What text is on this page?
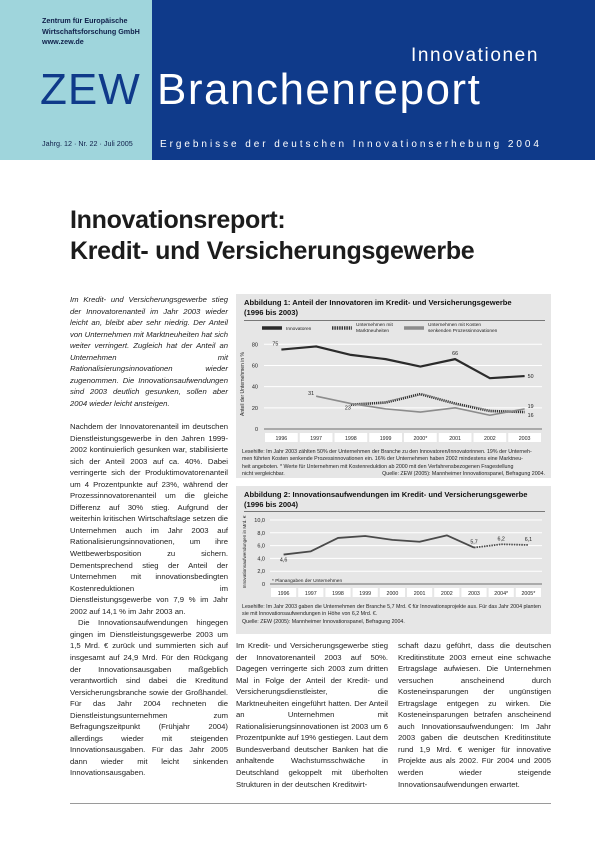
Zentrum für Europäische
Wirtschaftsforschung GmbH
www.zew.de
ZEW
Innovationen
Branchenreport
Jahrg. 12 · Nr. 22 · Juli 2005	Ergebnisse der deutschen Innovationserhebung 2004
Innovationsreport:
Kredit- und Versicherungsgewerbe

Im Kredit- und Versicherungsgewerbe stieg der Innovatorenanteil im Jahr 2003 wieder leicht an, bleibt aber sehr niedrig. Der Anteil von Unternehmen mit Marktneuheiten hat sich weiter verringert. Zugleich hat der Anteil an Unternehmen mit Rationalisierungsinnovationen wieder zugenommen. Die Innovationsaufwendungen sind 2003 deutlich gesunken, sollen aber 2004 wieder leicht ansteigen.

Nachdem der Innovatorenanteil im deutschen Dienstleistungsgewerbe in den Jahren 1999-2002 kontinuierlich gesunken war, stabilisierte sich der Anteil 2003 auf ca. 40%. Dabei verringerte sich der Produktimovatorenanteil um 4 Prozentpunkte auf 23%, während der Prozessinnovatorenanteil um die gleiche Differenz auf 30% stieg. Aufgrund der weiterhin kritischen Wirtschaftslage setzen die Unternehmen auch im Jahr 2003 auf Rationalisierungsinnovationen, um ihre Wettbewerbsposition zu sichern. Dementsprechend stieg der Anteil der Unternehmen mit innovationsbedingten Kostenreduktionen im Dienstleistungsgewerbe von 7,9 % im Jahr 2002 auf 14,1 % im Jahr 2003 an.

Die Innovationsaufwendungen hingegen gingen im Dienstleistungsgewerbe 2003 um 1,5 Mrd. € zurück und summierten sich auf insgesamt auf 24,9 Mrd. Für den Rückgang der Innovationsausgaben maßgeblich verantwortlich sind dabei die Kreditund Versicherungsbranche sowie der Großhandel. Für das Jahr 2004 rechneten die Dienstleistungsunternehmen zum Befragungszeitpunkt (Frühjahr 2004) allerdings wieder mit steigenden Innovationsausgaben. Für das Jahr 2005 dann wieder mit leicht sinkenden Innovationsausgaben.

Abbildung 1: Anteil der Innovatoren im Kredit- und Versicherungsgewerbe
(1996 bis 2003)
Innovatoren
Unternehmen mit
Marktneuheiten
Unternehmen mit Kosten
senkenden Prozessinnovationen
0
20
40
60
80
Anteil der Unternehmen in %
1996	1997	1998	1999	2000*	2001	2002	2003
75
66
50
23
16
31
19
Lesehilfe: Im Jahr 2003 zählten 50% der Unternehmen der Branche zu den Innovatoren/Innovatorinnen. 19% der Unterneh-
men führten Kosten senkende Prozessinnovationen ein. 16% der Unternehmen haben 2002 mindestens eine Marktneu-
heit angeboten. * Werte für Unternehmen mit Kostenreduktion ab 2000 mit den Verfahrensbezogenen Fragestellung
nicht vergleichbar.	Quelle: ZEW (2005): Mannheimer Innovationspanel, Befragung 2004.
Abbildung 2: Innovationsaufwendungen im Kredit- und Versicherungsgewerbe
(1996 bis 2004)
0
2,0
4,0
6,0
8,0
10,0
Innovationsaufwendungen in Mrd. €
1996	1997	1998	1999	2000	2001	2002	2003	2004*	2005*
4,6
5,7
6,2	6,1
* Planangaben der Unternehmen
Lesehilfe: Im Jahr 2003 gaben die Unternehmen der Branche 5,7 Mrd. € für Innovationsprojekte aus. Für das Jahr 2004 planten
sie mit Innovationsaufwendungen in Höhe von 6,2 Mrd. €.
Quelle: ZEW (2005): Mannheimer Innovationspanel, Befragung 2004.
Im Kredit- und Versicherungsgewerbe stieg der Innovatorenanteil 2003 auf 50%. Dagegen verringerte sich 2003 zum dritten Mal in Folge der Anteil der Kredit- und Versicherungsdienstleister, die Marktneuheiten eingeführt hatten. Der Anteil an Unternehmen mit Rationalisierungsinnovationen ist 2003 um 6 Prozentpunkte auf 19% gestiegen. Laut dem Bundesverband deutscher Banken hat die anhaltende Wachstumsschwäche in Deutschland gekoppelt mit überholten Strukturen in der deutschen Kreditwirt-
schaft dazu geführt, dass die deutschen Kreditinstitute 2003 erneut eine schwache Ertragslage aufwiesen. Die Unternehmen versuchen anscheinend durch Kosteneinsparungen der ungünstigen Ertragslage entgegen zu wirken. Die Kosteneinsparungen betrafen anscheinend auch Innovationsaufwendungen: Im Jahr 2003 gaben die deutschen Kreditinstitute rund 1,9 Mrd. € weniger für innovative Projekte aus als 2002. Für 2004 und 2005 werden wieder steigende Innovationsaufwendungen erwartet.
